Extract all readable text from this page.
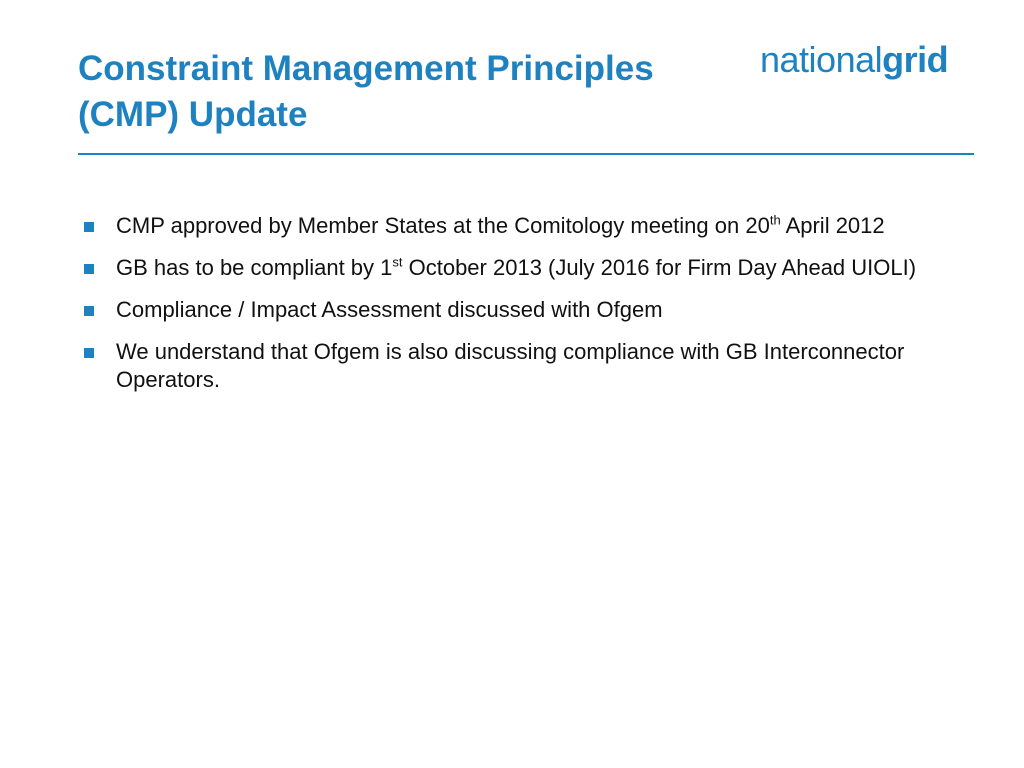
Constraint Management Principles
(CMP) Update
nationalgrid
CMP approved by Member States at the Comitology meeting on 20th April 2012
GB has to be compliant by 1st October 2013 (July 2016 for Firm Day Ahead UIOLI)
Compliance / Impact Assessment discussed with Ofgem
We understand that Ofgem is also discussing compliance with GB Interconnector Operators.
